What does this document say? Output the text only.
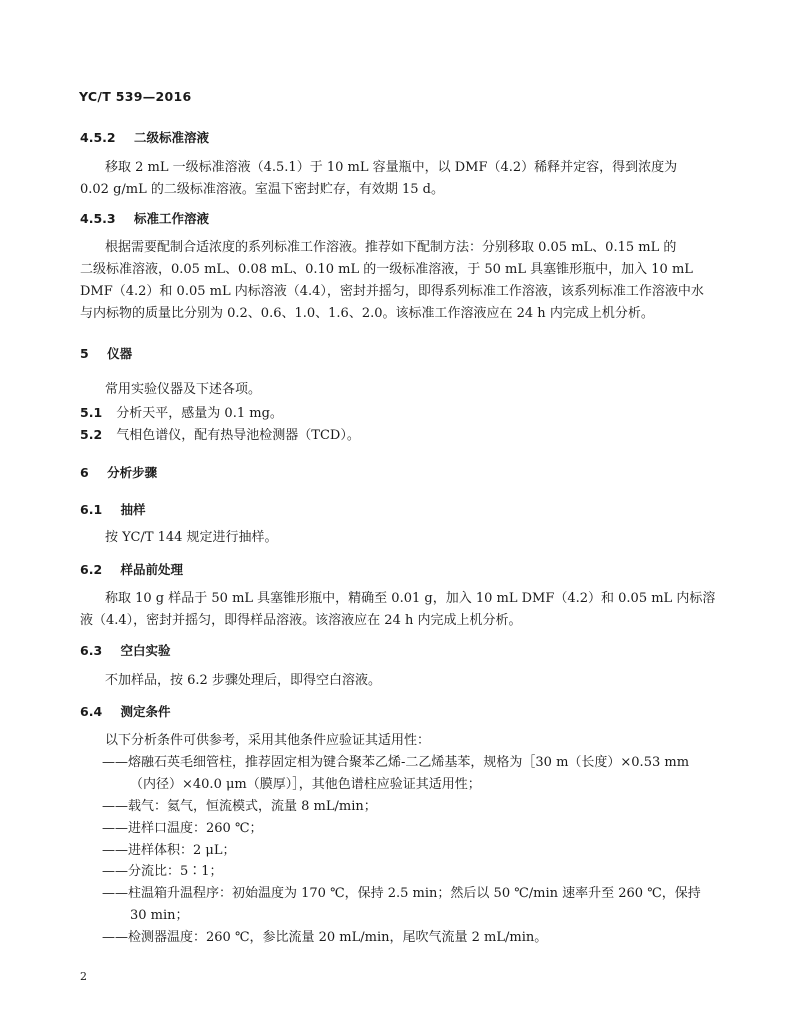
YC/T 539—2016
4.5.2 二级标准溶液
移取 2 mL 一级标准溶液（4.5.1）于 10 mL 容量瓶中，以 DMF（4.2）稀释并定容，得到浓度为
0.02 g/mL 的二级标准溶液。室温下密封贮存，有效期 15 d。
4.5.3 标准工作溶液
根据需要配制合适浓度的系列标准工作溶液。推荐如下配制方法：分别移取 0.05 mL、0.15 mL 的
二级标准溶液，0.05 mL、0.08 mL、0.10 mL 的一级标准溶液，于 50 mL 具塞锥形瓶中，加入 10 mL
DMF（4.2）和 0.05 mL 内标溶液（4.4），密封并摇匀，即得系列标准工作溶液，该系列标准工作溶液中水
与内标物的质量比分别为 0.2、0.6、1.0、1.6、2.0。该标准工作溶液应在 24 h 内完成上机分析。
5 仪器
常用实验仪器及下述各项。
5.1 分析天平，感量为 0.1 mg。
5.2 气相色谱仪，配有热导池检测器（TCD）。
6 分析步骤
6.1 抽样
按 YC/T 144 规定进行抽样。
6.2 样品前处理
称取 10 g 样品于 50 mL 具塞锥形瓶中，精确至 0.01 g，加入 10 mL DMF（4.2）和 0.05 mL 内标溶
液（4.4），密封并摇匀，即得样品溶液。该溶液应在 24 h 内完成上机分析。
6.3 空白实验
不加样品，按 6.2 步骤处理后，即得空白溶液。
6.4 测定条件
以下分析条件可供参考，采用其他条件应验证其适用性：
——熔融石英毛细管柱，推荐固定相为键合聚苯乙烯-二乙烯基苯，规格为［30 m（长度）×0.53 mm
（内径）×40.0 μm（膜厚）］，其他色谱柱应验证其适用性；
——载气：氦气，恒流模式，流量 8 mL/min；
——进样口温度：260 ℃；
——进样体积：2 μL；
——分流比：5∶1；
——柱温箱升温程序：初始温度为 170 ℃，保持 2.5 min；然后以 50 ℃/min 速率升至 260 ℃，保持
30 min；
——检测器温度：260 ℃，参比流量 20 mL/min，尾吹气流量 2 mL/min。
2
